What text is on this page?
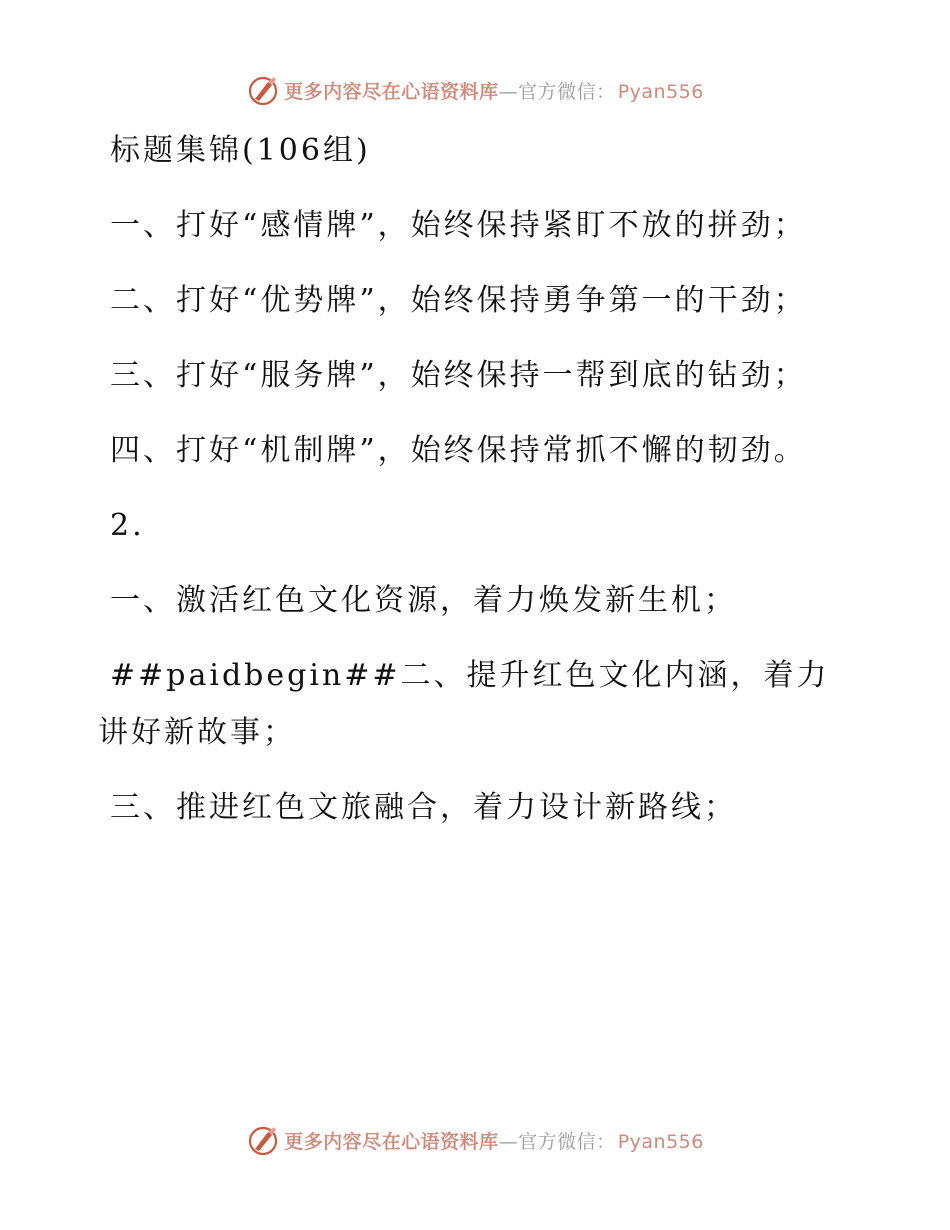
更多内容尽在心语资料库—官方微信： Pyan556

标题集锦(106组)

一、打好“感情牌”，始终保持紧盯不放的拼劲；

二、打好“优势牌”，始终保持勇争第一的干劲；

三、打好“服务牌”，始终保持一帮到底的钻劲；

四、打好“机制牌”，始终保持常抓不懈的韧劲。

2.

一、激活红色文化资源，着力焕发新生机；

##paidbegin##二、提升红色文化内涵，着力讲好新故事；

三、推进红色文旅融合，着力设计新路线；

更多内容尽在心语资料库—官方微信： Pyan556
